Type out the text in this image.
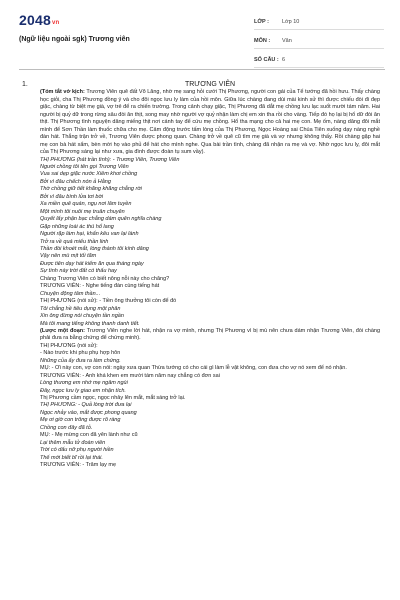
2048vn
(Ngữ liệu ngoài sgk) Trương viên
LỚP :	Lớp 10
MÔN :	Văn
SỐ CÂU : 6
1.	TRƯƠNG VIÊN
(Tóm tắt vở kịch: Trương Viên quê đất Võ Lăng, nhờ mẹ sang hỏi cưới Thị Phương, người con gái của Tể tướng đã hồi hưu. Thấy chàng học giỏi, cha Thị Phương đồng ý và cho đôi ngọc lưu ly làm của hồi môn. Giữa lúc chàng đang dùi mài kinh sử thì được chiếu đòi đi đẹp giặc, chàng từ biệt mẹ già, vợ trẻ để ra chiến trường. Trong cảnh chạy giặc, Thị Phương đã dắt mẹ chồng lưu lạc suốt mười tám năm. Hai người bị quỷ dữ trong rừng sâu đòi ăn thịt, song may nhờ người vợ quỷ nhận làm chị em xin tha rồi cho vàng. Tiếp đó họ lại bị hổ dữ đòi ăn thịt. Thị Phương tình nguyện dâng miếng thịt nơi cánh tay để cứu mẹ chồng. Hổ tha mạng cho cả hai mẹ con. Mẹ ốm, nàng dâng đôi mắt mình để Sơn Thần làm thuốc chữa cho mẹ. Cảm động trước tấm lòng của Thị Phương, Ngọc Hoàng sai Chúa Tiên xuống dạy nàng nghề đàn hát. Thắng trận trở về, Trương Viên được phong quan. Chàng trở về quê cũ tìm mẹ già và vợ nhưng không thấy. Rồi chàng gặp hai mẹ con bà hát xẩm, bèn mời họ vào phủ để hát cho mình nghe. Qua bài trần tình, chàng đã nhận ra mẹ và vợ. Nhờ ngọc lưu ly, đôi mắt của Thị Phương sáng lại như xưa, gia đình được đoàn tụ sum vầy).
THỊ PHƯƠNG (hát trần tình): - Trương Viên, Trương Viên
Người chồng tôi tên gọi Trương Viên
Vua sai dẹp giặc nước Xiêm khơi chồng
Bởi vì đâu chếch nón ả Hằng
Thờ chồng giữ tiết khăng khăng chẳng rời
Bởi vì đâu bình lửa tơi bời
Xa miền quê quán, ngụ nơi lâm tuyền
Một mình tôi nuôi mẹ truân chuyên
Quyết lấy phận bạc chẳng dám quên nghĩa chàng
Gặp những loài ác thú hổ lang
Người rặp làm hại, khẩn kêu van lại lành
Trở ra về quá miếu thần linh
Thần đòi khoét mắt, lòng thành tôi kính dâng
Vậy nên mù mịt tối tăm
Được tiên dạy hát kiếm ăn qua tháng ngày
Sự tình này trời đất có thấu hay
Chàng Trương Viên có biết nông nỗi này cho chăng?
TRƯƠNG VIÊN: - Nghe tiếng đàn cùng tiếng hát
Chuyện động tâm thần...
THỊ PHƯƠNG (nói sử): - Tiền ông thưởng tôi còn để đó
Tôi chẳng hề tiêu dụng một phân
Xin ông đừng nói chuyện tần ngần
Mà tôi mang tiếng không thanh danh tiết.
(Lược một đoạn: Trương Viên nghe lời hát, nhận ra vợ mình, nhưng Thị Phương vì bị mù nên chưa dám nhận Trương Viên, đòi chàng phải đưa ra bằng chứng để chứng minh).
THỊ PHƯƠNG (nói sử):
- Nào trước khi phu phụ hợp hôn
Những của ấy đưa ra làm chứng.
MỤ: - Ơi này con, vợ con nói: ngày xưa quan Thừa tướng có cho cái gì làm lễ vật không, con đưa cho vợ nó xem để nó nhận.
TRƯƠNG VIÊN: - Anh khá khen em mười tám năm nay chẳng có đơn sai
Lòng thương em nhớ mẹ ngâm ngùi
Đây, ngọc lưu ly giao em nhận tích.
Thị Phương cầm ngọc, ngọc nhảy lên mắt, mắt sáng trở lại.
THỊ PHƯƠNG: - Quả lòng trời đưa lại
Ngọc nhảy vào, mắt được phong quang
Mẹ ơi giờ con trông được rõ ràng
Chồng con đây đã tỏ.
MỤ: - Mẹ mừng con đã yên lành như cũ
Lại thêm mẫu tử đoàn viên
Trời có dấu nỡ phụ người hiền
Thế mới biết bĩ rồi lại thái.
TRƯƠNG VIÊN: - Trăm lạy mẹ
